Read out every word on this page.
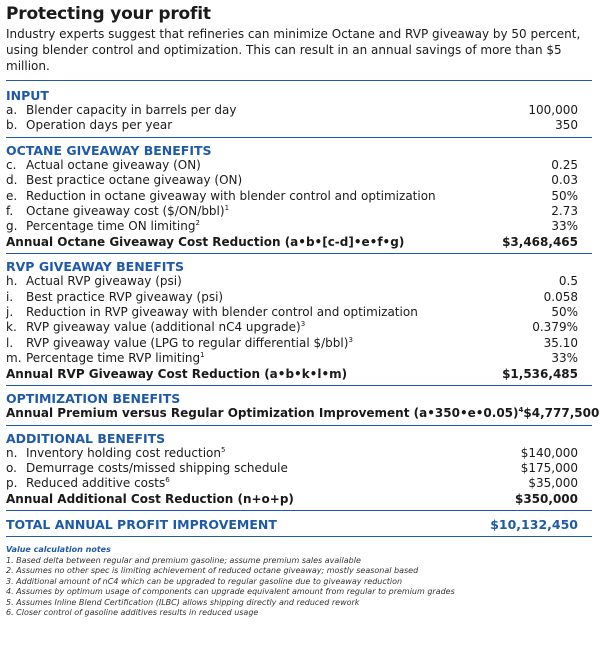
Protecting your profit

Industry experts suggest that refineries can minimize Octane and RVP giveaway by 50 percent, using blender control and optimization. This can result in an annual savings of more than $5 million.

INPUT
a. Blender capacity in barrels per day	100,000
b. Operation days per year	350
OCTANE GIVEAWAY BENEFITS
c. Actual octane giveaway (ON)	0.25
d. Best practice octane giveaway (ON)	0.03
e. Reduction in octane giveaway with blender control and optimization	50%
f.	Octane giveaway cost ($/ON/bbl)$^1$	2.73
g. Percentage time ON limiting$^2$	33%
Annual Octane Giveaway Cost Reduction (a•b•[c-d]•e•f•g)	$3,468,465
RVP GIVEAWAY BENEFITS
h. Actual RVP giveaway (psi)	0.5
i.	Best practice RVP giveaway (psi)	0.058
j.	Reduction in RVP giveaway with blender control and optimization	50%
k. RVP giveaway value (additional nC4 upgrade)$^3$	0.379%
l.	RVP giveaway value (LPG to regular differential $/bbl)$^3$	35.10
m. Percentage time RVP limiting$^1$	33%
Annual RVP Giveaway Cost Reduction (a•b•k•l•m)	$1,536,485
OPTIMIZATION BENEFITS
Annual Premium versus Regular Optimization Improvement (a•350•e•0.05)$^4$ $4,777,500
ADDITIONAL BENEFITS
n. Inventory holding cost reduction$^5$	$140,000
o. Demurrage costs/missed shipping schedule	$175,000
p. Reduced additive costs$^6$	$35,000
Annual Additional Cost Reduction (n+o+p)	$350,000
TOTAL ANNUAL PROFIT IMPROVEMENT	$10,132,450
Value calculation notes
1. Based delta between regular and premium gasoline; assume premium sales available
2. Assumes no other spec is limiting achievement of reduced octane giveaway; mostly seasonal based
3. Additional amount of nC4 which can be upgraded to regular gasoline due to giveaway reduction
4. Assumes by optimum usage of components can upgrade equivalent amount from regular to premium grades
5. Assumes Inline Blend Certification (ILBC) allows shipping directly and reduced rework
6. Closer control of gasoline additives results in reduced usage
